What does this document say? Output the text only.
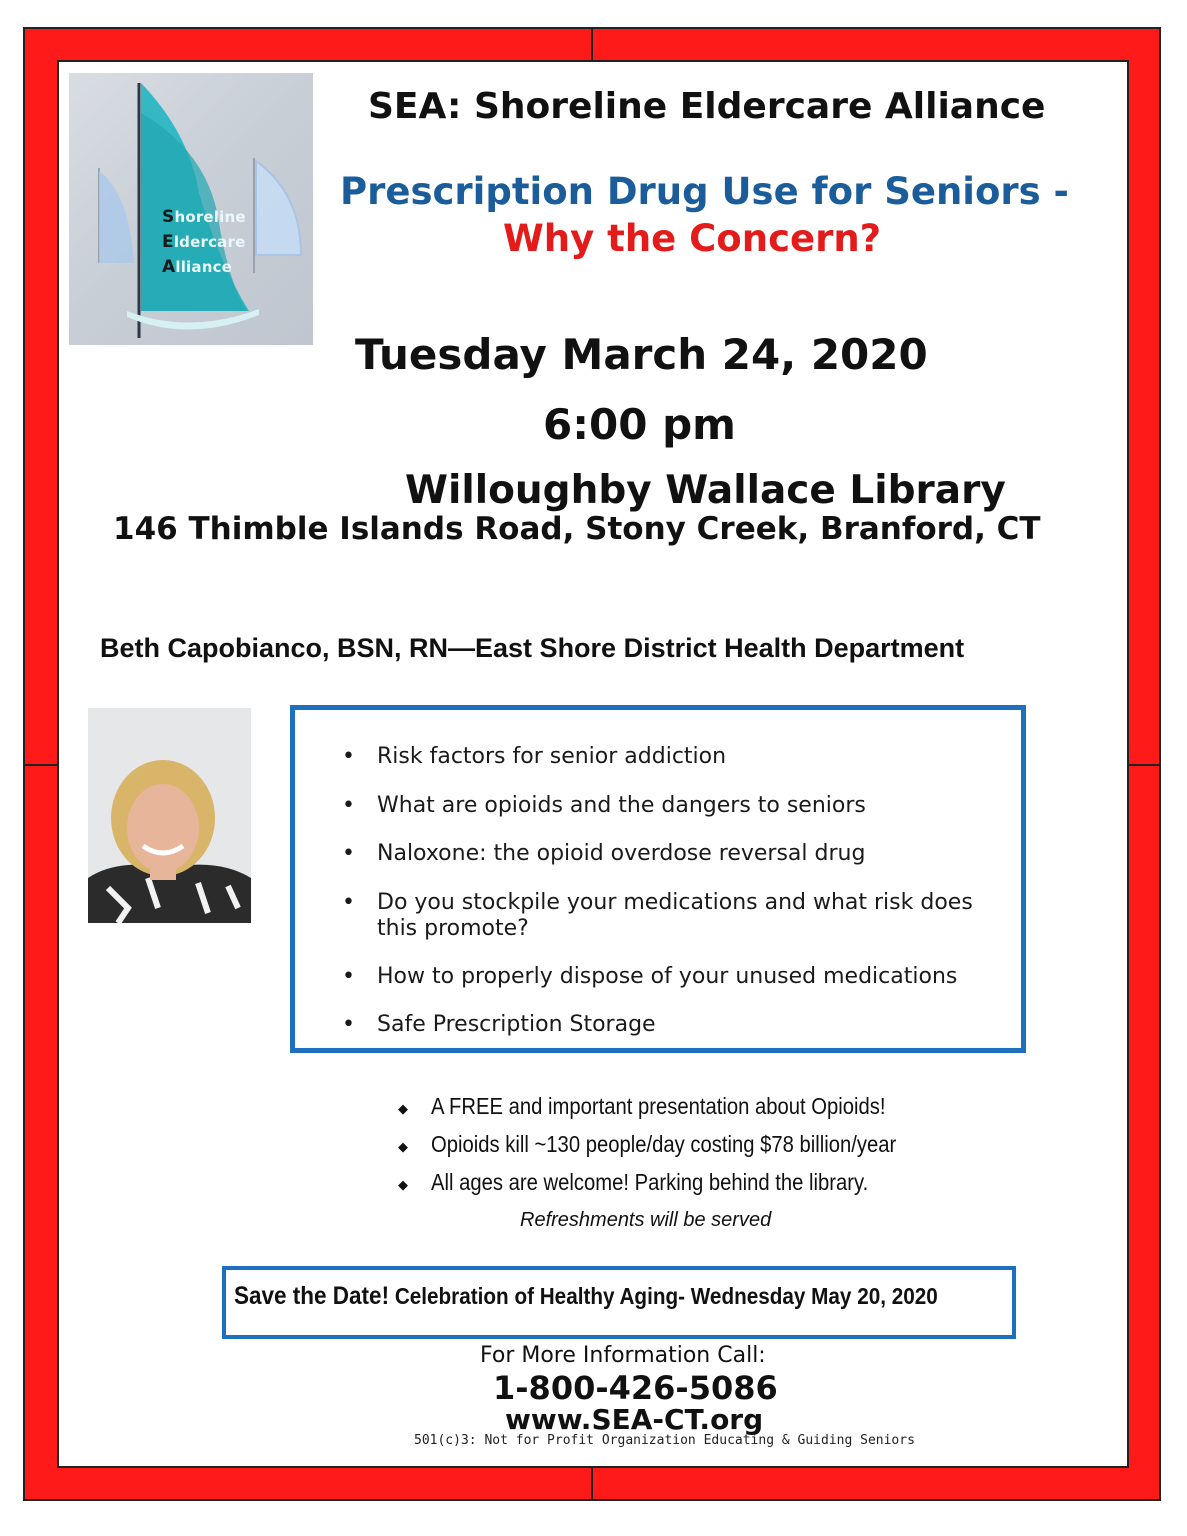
Shoreline
Eldercare
Alliance
SEA: Shoreline Eldercare Alliance
Prescription Drug Use for Seniors -
Why the Concern?
Tuesday March 24, 2020
6:00 pm
Willoughby Wallace Library
146 Thimble Islands Road, Stony Creek, Branford, CT
Beth Capobianco, BSN, RN—East Shore District Health Department
• Risk factors for senior addiction
• What are opioids and the dangers to seniors
• Naloxone: the opioid overdose reversal drug
• Do you stockpile your medications and what risk does this promote?
• How to properly dispose of your unused medications
• Safe Prescription Storage
◆ A FREE and important presentation about Opioids!
◆ Opioids kill ~130 people/day costing $78 billion/year
◆ All ages are welcome! Parking behind the library.
Refreshments will be served
Save the Date! Celebration of Healthy Aging- Wednesday May 20, 2020
For More Information Call:
1-800-426-5086
www.SEA-CT.org
501(c)3: Not for Profit Organization Educating & Guiding Seniors
